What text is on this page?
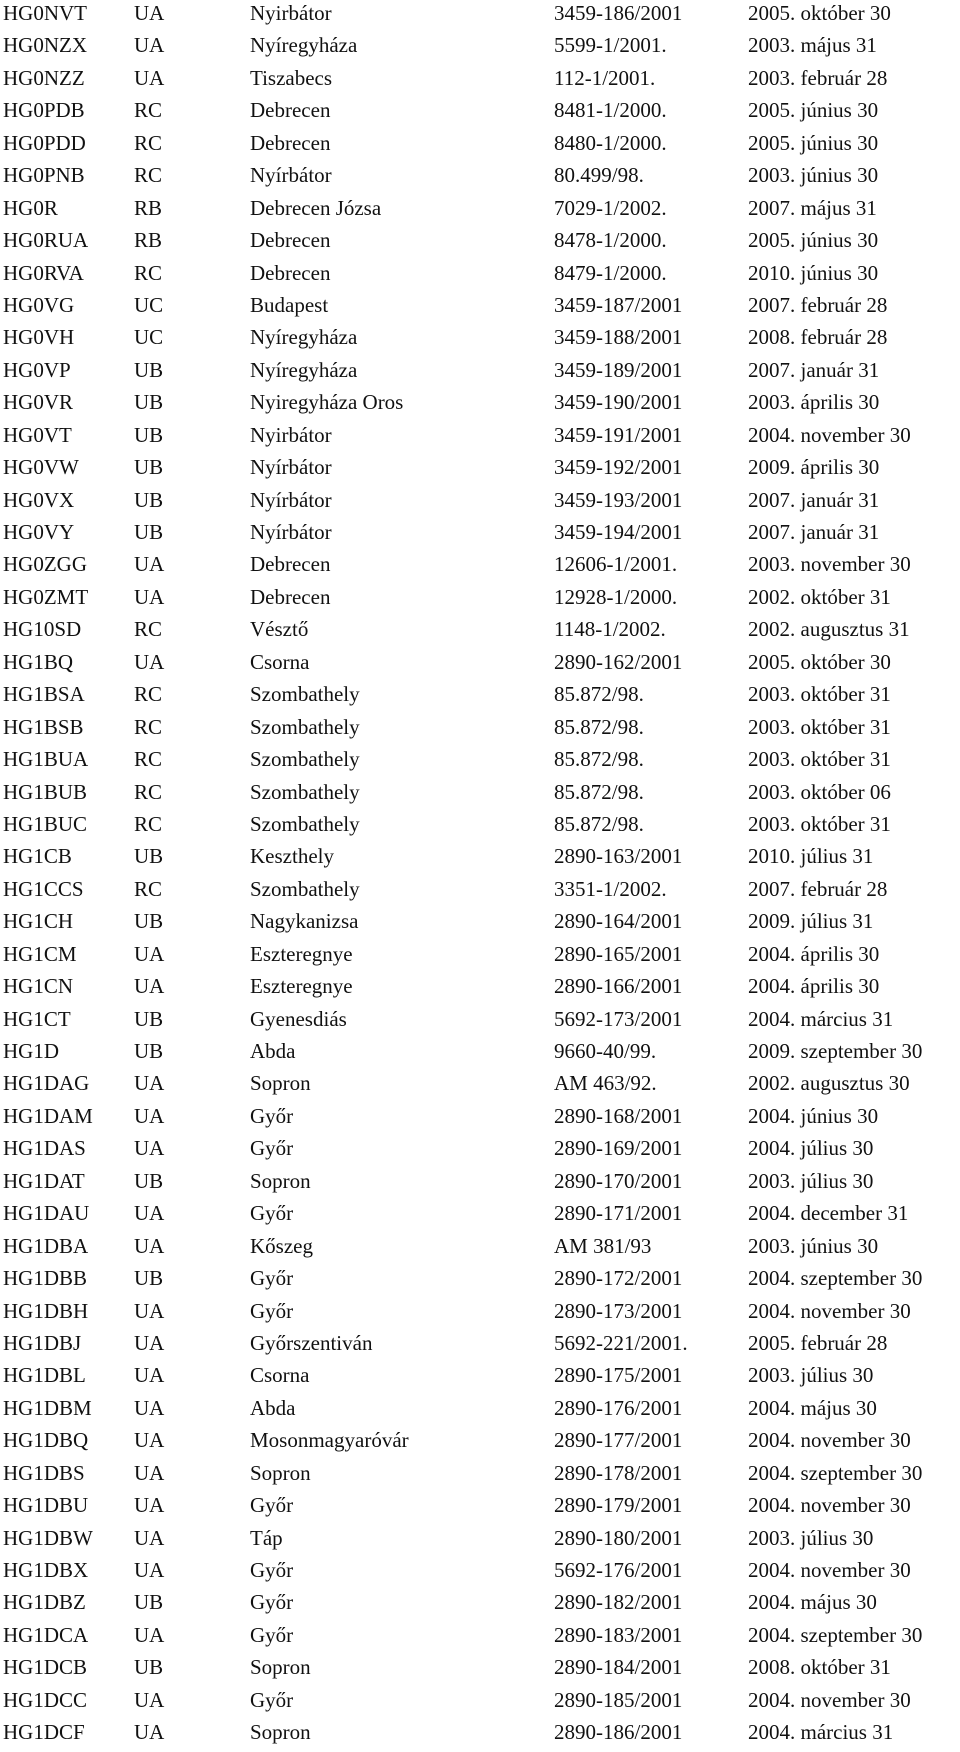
HG0NVT UA	Nyirbátor	3459-186/2001	2005. október 30
HG0NZX UA	Nyíregyháza	5599-1/2001.	2003. május 31
HG0NZZ UA	Tiszabecs	112-1/2001.	2003. február 28
HG0PDB RC	Debrecen	8481-1/2000.	2005. június 30
HG0PDD RC	Debrecen	8480-1/2000.	2005. június 30
HG0PNB RC	Nyírbátor	80.499/98.	2003. június 30
HG0R	RB	Debrecen Józsa	7029-1/2002.	2007. május 31
HG0RUA RB	Debrecen	8478-1/2000.	2005. június 30
HG0RVA RC	Debrecen	8479-1/2000.	2010. június 30
HG0VG	UC	Budapest	3459-187/2001	2007. február 28
HG0VH	UC	Nyíregyháza	3459-188/2001	2008. február 28
HG0VP	UB	Nyíregyháza	3459-189/2001	2007. január 31
HG0VR	UB	Nyiregyháza Oros	3459-190/2001	2003. április 30
HG0VT	UB	Nyirbátor	3459-191/2001	2004. november 30
HG0VW	UB	Nyírbátor	3459-192/2001	2009. április 30
HG0VX	UB	Nyírbátor	3459-193/2001	2007. január 31
HG0VY	UB	Nyírbátor	3459-194/2001	2007. január 31
HG0ZGG UA	Debrecen	12606-1/2001.	2003. november 30
HG0ZMT UA	Debrecen	12928-1/2000.	2002. október 31
HG10SD	RC	Vésztő	1148-1/2002.	2002. augusztus 31
HG1BQ	UA	Csorna	2890-162/2001	2005. október 30
HG1BSA RC	Szombathely	85.872/98.	2003. október 31
HG1BSB RC	Szombathely	85.872/98.	2003. október 31
HG1BUA RC	Szombathely	85.872/98.	2003. október 31
HG1BUB RC	Szombathely	85.872/98.	2003. október 06
HG1BUC RC	Szombathely	85.872/98.	2003. október 31
HG1CB	UB	Keszthely	2890-163/2001	2010. július 31
HG1CCS RC	Szombathely	3351-1/2002.	2007. február 28
HG1CH	UB	Nagykanizsa	2890-164/2001	2009. július 31
HG1CM	UA	Eszteregnye	2890-165/2001	2004. április 30
HG1CN	UA	Eszteregnye	2890-166/2001	2004. április 30
HG1CT	UB	Gyenesdiás	5692-173/2001	2004. március 31
HG1D	UB	Abda	9660-40/99.	2009. szeptember 30
HG1DAG UA	Sopron	AM 463/92.	2002. augusztus 30
HG1DAM UA	Győr	2890-168/2001	2004. június 30
HG1DAS UA	Győr	2890-169/2001	2004. július 30
HG1DAT UB	Sopron	2890-170/2001	2003. július 30
HG1DAU UA	Győr	2890-171/2001	2004. december 31
HG1DBA UA	Kőszeg	AM 381/93	2003. június 30
HG1DBB UB	Győr	2890-172/2001	2004. szeptember 30
HG1DBH UA	Győr	2890-173/2001	2004. november 30
HG1DBJ	UA	Győrszentiván	5692-221/2001.	2005. február 28
HG1DBL UA	Csorna	2890-175/2001	2003. július 30
HG1DBM UA	Abda	2890-176/2001	2004. május 30
HG1DBQ UA	Mosonmagyaróvár	2890-177/2001	2004. november 30
HG1DBS UA	Sopron	2890-178/2001	2004. szeptember 30
HG1DBU UA	Győr	2890-179/2001	2004. november 30
HG1DBW UA	Táp	2890-180/2001	2003. július 30
HG1DBX UA	Győr	5692-176/2001	2004. november 30
HG1DBZ UB	Győr	2890-182/2001	2004. május 30
HG1DCA UA	Győr	2890-183/2001	2004. szeptember 30
HG1DCB UB	Sopron	2890-184/2001	2008. október 31
HG1DCC UA	Győr	2890-185/2001	2004. november 30
HG1DCF UA	Sopron	2890-186/2001	2004. március 31
